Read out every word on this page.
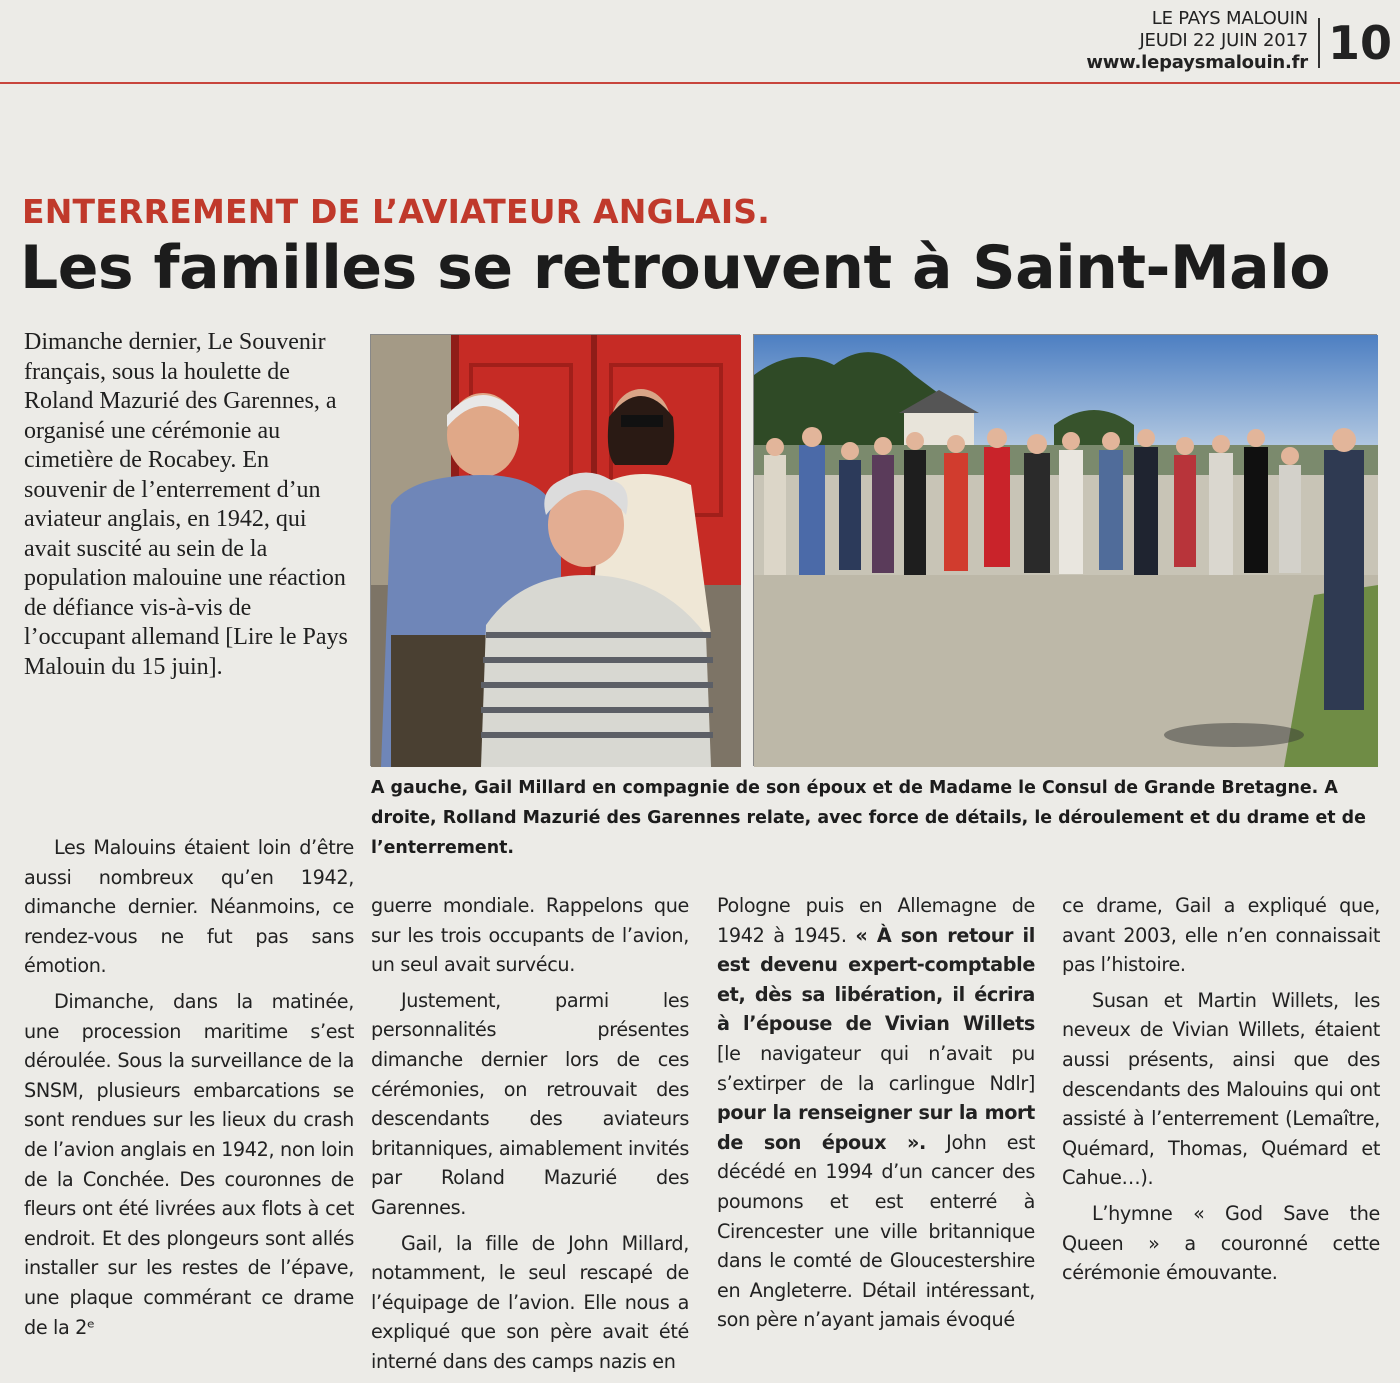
LE PAYS MALOUIN
JEUDI 22 JUIN 2017
www.lepaysmalouin.fr 10
ENTERREMENT DE L’AVIATEUR ANGLAIS.
Les familles se retrouvent à Saint-Malo
Dimanche dernier, Le Souvenir français, sous la houlette de Roland Mazurié des Garennes, a organisé une cérémonie au cimetière de Rocabey. En souvenir de l’enterrement d’un aviateur anglais, en 1942, qui avait suscité au sein de la population malouine une réaction de défiance vis-à-vis de l’occupant allemand [Lire le Pays Malouin du 15 juin].
A gauche, Gail Millard en compagnie de son époux et de Madame le Consul de Grande Bretagne. A droite, Rolland Mazurié des Garennes relate, avec force de détails, le déroulement et du drame et de l’enterrement.

Les Malouins étaient loin d’être aussi nombreux qu’en 1942, dimanche dernier. Néanmoins, ce rendez-vous ne fut pas sans émotion.

Dimanche, dans la matinée, une procession maritime s’est déroulée. Sous la surveillance de la SNSM, plusieurs embarcations se sont rendues sur les lieux du crash de l’avion anglais en 1942, non loin de la Conchée. Des couronnes de fleurs ont été livrées aux flots à cet endroit. Et des plongeurs sont allés installer sur les restes de l’épave, une plaque commérant ce drame de la 2ᵉ

guerre mondiale. Rappelons que sur les trois occupants de l’avion, un seul avait survécu.

Justement, parmi les personnalités présentes dimanche dernier lors de ces cérémonies, on retrouvait des descendants des aviateurs britanniques, aimablement invités par Roland Mazurié des Garennes.

Gail, la fille de John Millard, notamment, le seul rescapé de l’équipage de l’avion. Elle nous a expliqué que son père avait été interné dans des camps nazis en

Pologne puis en Allemagne de 1942 à 1945. « À son retour il est devenu expert-comptable et, dès sa libération, il écrira à l’épouse de Vivian Willets [le navigateur qui n’avait pu s’extirper de la carlingue Ndlr] pour la renseigner sur la mort de son époux ». John est décédé en 1994 d’un cancer des poumons et est enterré à Cirencester une ville britannique dans le comté de Gloucestershire en Angleterre. Détail intéressant, son père n’ayant jamais évoqué

ce drame, Gail a expliqué que, avant 2003, elle n’en connaissait pas l’histoire.

Susan et Martin Willets, les neveux de Vivian Willets, étaient aussi présents, ainsi que des descendants des Malouins qui ont assisté à l’enterrement (Lemaître, Quémard, Thomas, Quémard et Cahue…).

L’hymne « God Save the Queen » a couronné cette cérémonie émouvante.
